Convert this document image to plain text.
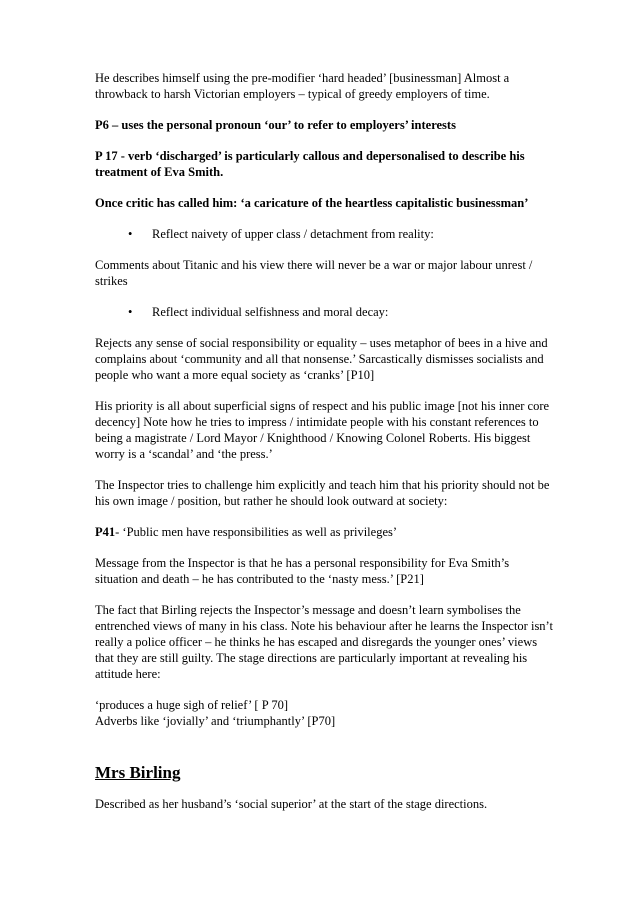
He describes himself using the pre-modifier ‘hard headed’ [businessman] Almost a throwback to harsh Victorian employers – typical of greedy employers of time.

P6 – uses the personal pronoun ‘our’ to refer to employers’ interests

P 17 - verb ‘discharged’ is particularly callous and depersonalised to describe his treatment of Eva Smith.

Once critic has called him: ‘a caricature of the heartless capitalistic businessman’

•	Reflect naivety of upper class / detachment from reality:

Comments about Titanic and his view there will never be a war or major labour unrest / strikes

•	Reflect individual selfishness and moral decay:

Rejects any sense of social responsibility or equality – uses metaphor of bees in a hive and complains about ‘community and all that nonsense.’ Sarcastically dismisses socialists and people who want a more equal society as ‘cranks’ [P10]

His priority is all about superficial signs of respect and his public image [not his inner core decency] Note how he tries to impress / intimidate people with his constant references to being a magistrate / Lord Mayor / Knighthood / Knowing Colonel Roberts. His biggest worry is a ‘scandal’ and ‘the press.’

The Inspector tries to challenge him explicitly and teach him that his priority should not be his own image / position, but rather he should look outward at society:

P41- ‘Public men have responsibilities as well as privileges’

Message from the Inspector is that he has a personal responsibility for Eva Smith’s situation and death – he has contributed to the ‘nasty mess.’ [P21]

The fact that Birling rejects the Inspector’s message and doesn’t learn symbolises the entrenched views of many in his class. Note his behaviour after he learns the Inspector isn’t really a police officer – he thinks he has escaped and disregards the younger ones’ views that they are still guilty. The stage directions are particularly important at revealing his attitude here:

‘produces a huge sigh of relief’ [ P 70]
Adverbs like ‘jovially’ and ‘triumphantly’ [P70]

Mrs Birling

Described as her husband’s ‘social superior’ at the start of the stage directions.
